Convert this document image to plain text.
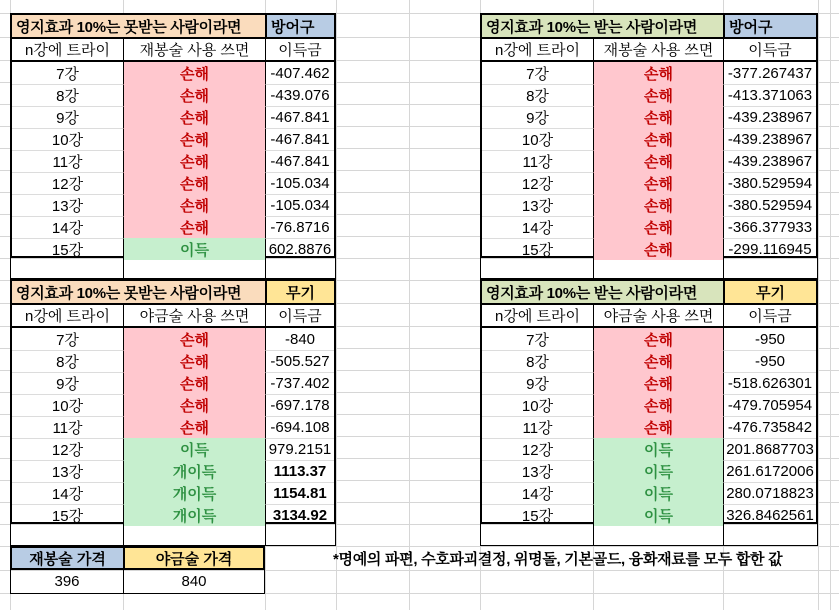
영지효과 10%는 못받는 사람이라면	방어구
n강에 트라이	재봉술 사용 쓰면	이득금
7강	손해	-407.462
8강	손해	-439.076
9강	손해	-467.841
10강	손해	-467.841
11강	손해	-467.841
12강	손해	-105.034
13강	손해	-105.034
14강	손해	-76.8716
15강	이득	602.8876
영지효과 10%는 받는 사람이라면	방어구
n강에 트라이	재봉술 사용 쓰면	이득금
7강	손해	-377.267437
8강	손해	-413.371063
9강	손해	-439.238967
10강	손해	-439.238967
11강	손해	-439.238967
12강	손해	-380.529594
13강	손해	-380.529594
14강	손해	-366.377933
15강	손해	-299.116945
영지효과 10%는 못받는 사람이라면	무기
n강에 트라이	야금술 사용 쓰면	이득금
7강	손해	-840
8강	손해	-505.527
9강	손해	-737.402
10강	손해	-697.178
11강	손해	-694.108
12강	이득	979.2151
13강	개이득	1113.37
14강	개이득	1154.81
15강	개이득	3134.92
영지효과 10%는 받는 사람이라면	무기
n강에 트라이	야금술 사용 쓰면	이득금
7강	손해	-950
8강	손해	-950
9강	손해	-518.626301
10강	손해	-479.705954
11강	손해	-476.735842
12강	이득	201.8687703
13강	이득	261.6172006
14강	이득	280.0718823
15강	이득	326.8462561
재봉술 가격	야금술 가격
396	840
*명예의 파편, 수호파괴결정, 위명돌, 기본골드, 융화재료를 모두 합한 값
